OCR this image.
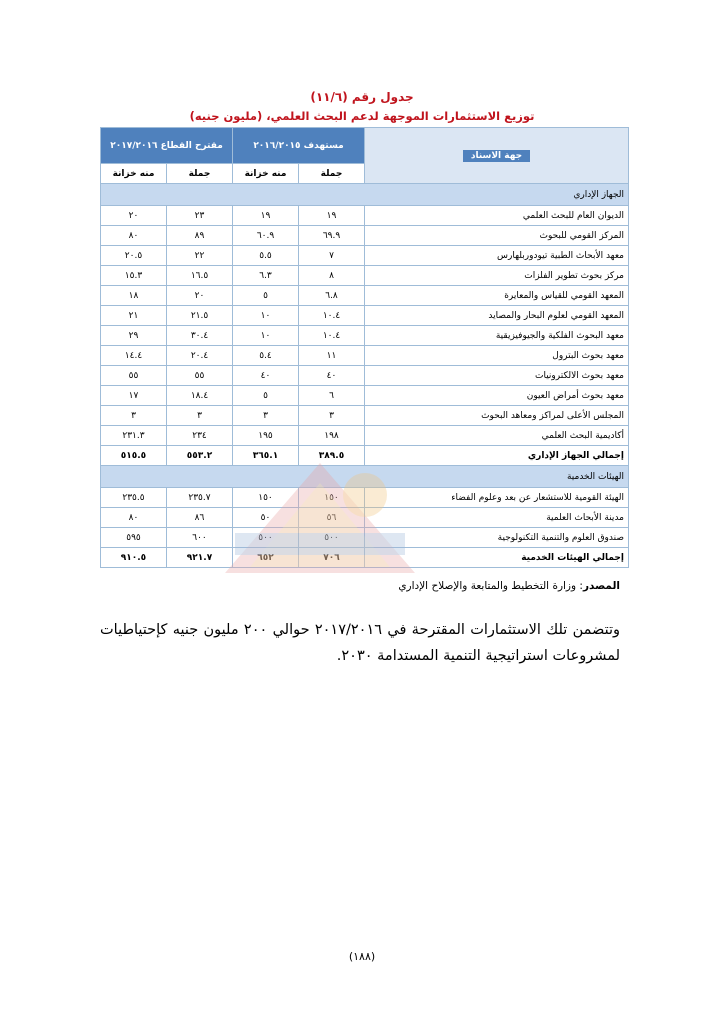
جدول رقم (١١/٦)
توزيع الاستثمارات الموجهة لدعم البحث العلمي، (مليون جنيه)
جهة الاسناد	مستهدف ٢٠١٦/٢٠١٥		مقترح القطاع ٢٠١٧/٢٠١٦	
	جملة	منه خزانة	جملة	منه خزانة
الجهاز الإداري				
الديوان العام للبحث العلمي	١٩	١٩	٢٣	٢٠
المركز القومي للبحوث	٦٩.٩	٦٠.٩	٨٩	٨٠
معهد الأبحاث الطبية تيودوربلهارس	٧	٥.٥	٢٢	٢٠.٥
مركز بحوث تطوير الفلزات	٨	٦.٣	١٦.٥	١٥.٣
المعهد القومي للقياس والمعايرة	٦.٨	٥	٢٠	١٨
المعهد القومي لعلوم البحار والمصايد	١٠.٤	١٠	٢١.٥	٢١
معهد البحوث الفلكية والجيوفيزيقية	١٠.٤	١٠	٣٠.٤	٢٩
معهد بحوث البترول	١١	٥.٤	٢٠.٤	١٤.٤
معهد بحوث الالكترونيات	٤٠	٤٠	٥٥	٥٥
معهد بحوث أمراض العيون	٦	٥	١٨.٤	١٧
المجلس الأعلى لمراكز ومعاهد البحوث	٣	٣	٣	٣
أكاديمية البحث العلمي	١٩٨	١٩٥	٢٣٤	٢٣١.٣
إجمالي الجهاز الإداري	٣٨٩.٥	٣٦٥.١	٥٥٣.٢	٥١٥.٥
الهيئات الخدمية				
الهيئة القومية للاستشعار عن بعد وعلوم الفضاء	١٥٠	١٥٠	٢٣٥.٧	٢٣٥.٥
مدينة الأبحاث العلمية	٥٦	٥٠	٨٦	٨٠
صندوق العلوم والتنمية التكنولوجية	٥٠٠	٥٠٠	٦٠٠	٥٩٥
إجمالي الهيئات الخدمية	٧٠٦	٦٥٢	٩٢١.٧	٩١٠.٥
المصدر: وزارة التخطيط والمتابعة والإصلاح الإداري
وتتضمن تلك الاستثمارات المقترحة في ٢٠١٧/٢٠١٦ حوالي ٢٠٠ مليون جنيه كإحتياطيات لمشروعات استراتيجية التنمية المستدامة ٢٠٣٠.
(١٨٨)
